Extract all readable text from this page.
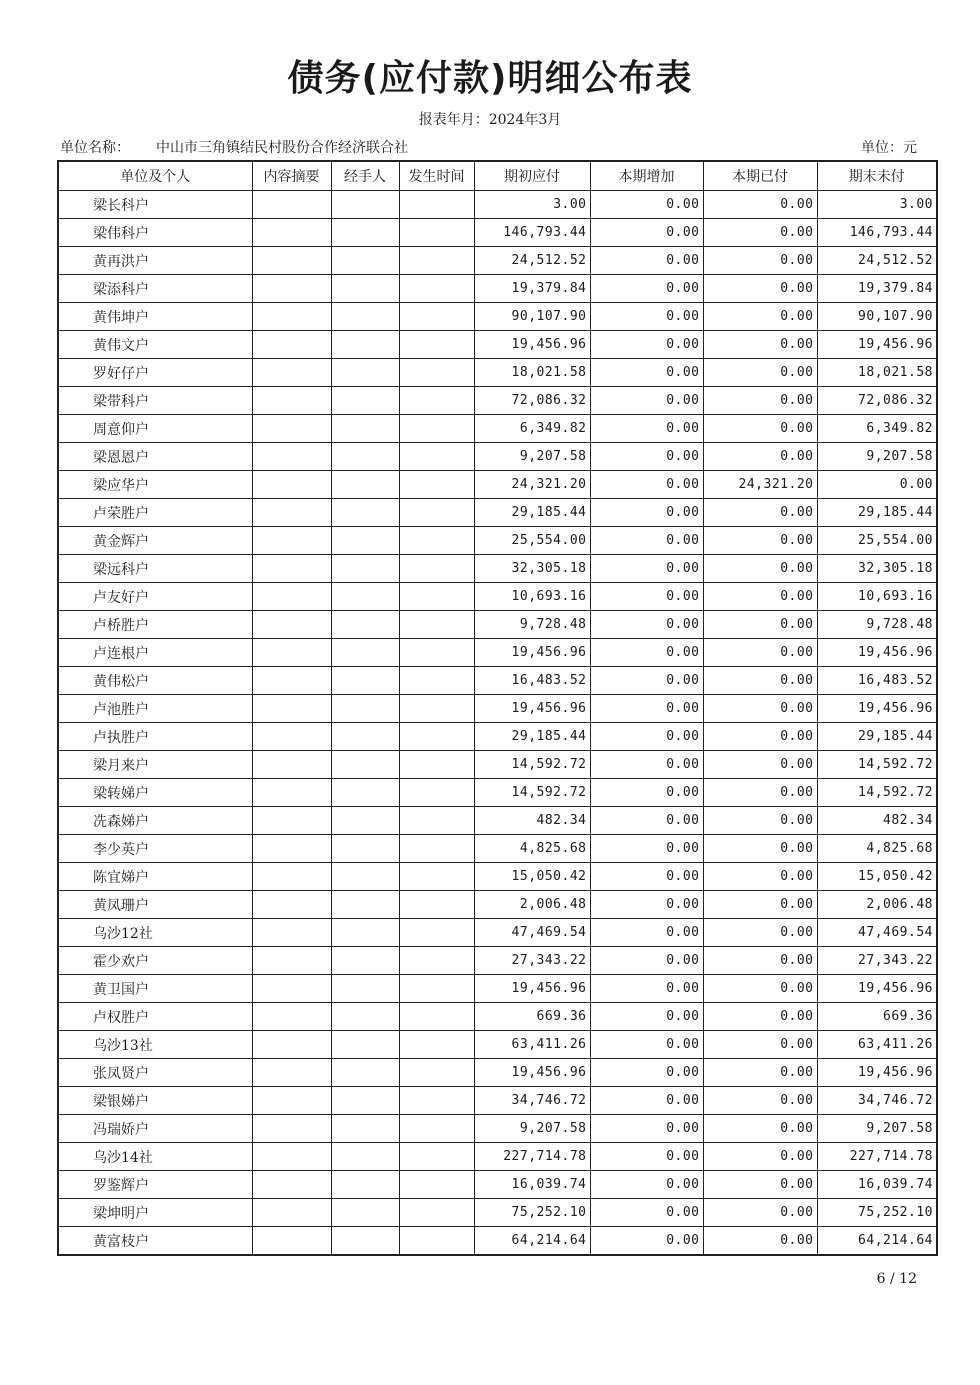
债务(应付款)明细公布表
报表年月：2024年3月
单位名称： 中山市三角镇结民村股份合作经济联合社	单位：元
单位及个人	内容摘要	经手人	发生时间	期初应付	本期增加	本期已付	期末未付
梁长科户				3.00	0.00	0.00	3.00
梁伟科户				146,793.44	0.00	0.00	146,793.44
黄再洪户				24,512.52	0.00	0.00	24,512.52
梁添科户				19,379.84	0.00	0.00	19,379.84
黄伟坤户				90,107.90	0.00	0.00	90,107.90
黄伟文户				19,456.96	0.00	0.00	19,456.96
罗好仔户				18,021.58	0.00	0.00	18,021.58
梁带科户				72,086.32	0.00	0.00	72,086.32
周意仰户				6,349.82	0.00	0.00	6,349.82
梁恩恩户				9,207.58	0.00	0.00	9,207.58
梁应华户				24,321.20	0.00	24,321.20	0.00
卢荣胜户				29,185.44	0.00	0.00	29,185.44
黄金辉户				25,554.00	0.00	0.00	25,554.00
梁远科户				32,305.18	0.00	0.00	32,305.18
卢友好户				10,693.16	0.00	0.00	10,693.16
卢桥胜户				9,728.48	0.00	0.00	9,728.48
卢连根户				19,456.96	0.00	0.00	19,456.96
黄伟松户				16,483.52	0.00	0.00	16,483.52
卢池胜户				19,456.96	0.00	0.00	19,456.96
卢执胜户				29,185.44	0.00	0.00	29,185.44
梁月来户				14,592.72	0.00	0.00	14,592.72
梁转娣户				14,592.72	0.00	0.00	14,592.72
冼森娣户				482.34	0.00	0.00	482.34
李少英户				4,825.68	0.00	0.00	4,825.68
陈宜娣户				15,050.42	0.00	0.00	15,050.42
黄凤珊户				2,006.48	0.00	0.00	2,006.48
乌沙12社				47,469.54	0.00	0.00	47,469.54
霍少欢户				27,343.22	0.00	0.00	27,343.22
黄卫国户				19,456.96	0.00	0.00	19,456.96
卢权胜户				669.36	0.00	0.00	669.36
乌沙13社				63,411.26	0.00	0.00	63,411.26
张凤贤户				19,456.96	0.00	0.00	19,456.96
梁银娣户				34,746.72	0.00	0.00	34,746.72
冯瑞娇户				9,207.58	0.00	0.00	9,207.58
乌沙14社				227,714.78	0.00	0.00	227,714.78
罗鉴辉户				16,039.74	0.00	0.00	16,039.74
梁坤明户				75,252.10	0.00	0.00	75,252.10
黄富枝户				64,214.64	0.00	0.00	64,214.64
6 / 12
